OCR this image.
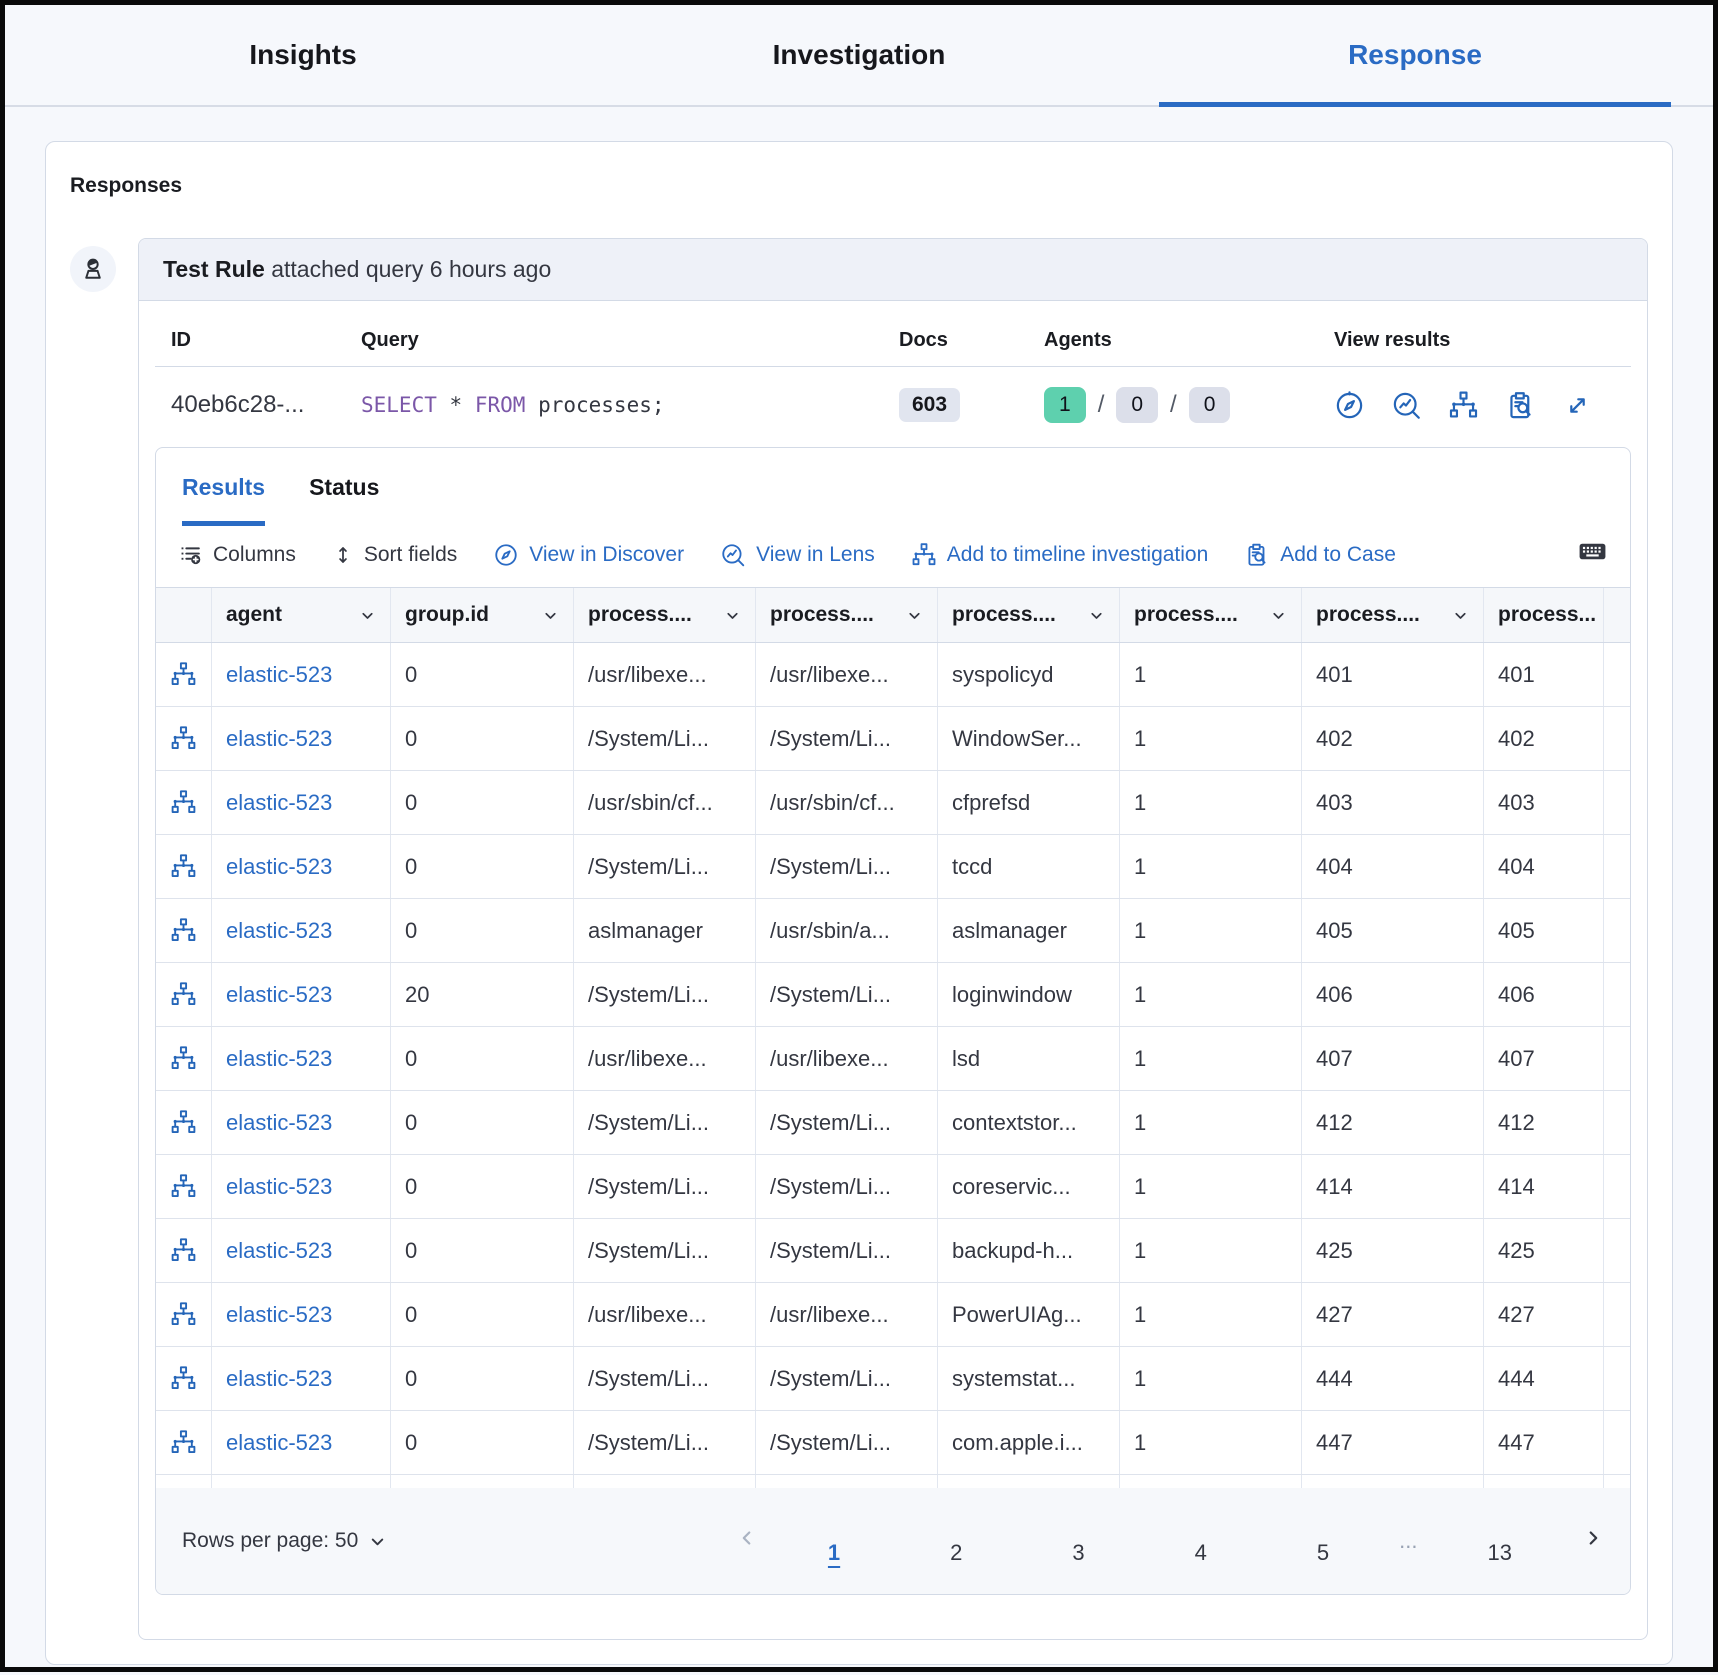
Insights	Investigation	Response
Responses
Test Rule attached query 6 hours ago
ID	Query	Docs	Agents	View results
40eb6c28-...	SELECT * FROM processes;	603	1	/	0	/	0
Results Status
Columns	Sort fields	View in Discover	View in Lens	Add to timeline investigation	Add to Case
agent	group.id	process....	process....	process....	process....	process....	process...
elastic-523	0	/usr/libexe...	/usr/libexe...	syspolicyd	1	401	401
elastic-523	0	/System/Li...	/System/Li...	WindowSer...	1	402	402
elastic-523	0	/usr/sbin/cf...	/usr/sbin/cf...	cfprefsd	1	403	403
elastic-523	0	/System/Li...	/System/Li...	tccd	1	404	404
elastic-523	0	aslmanager	/usr/sbin/a...	aslmanager	1	405	405
elastic-523	20	/System/Li...	/System/Li...	loginwindow	1	406	406
elastic-523	0	/usr/libexe...	/usr/libexe...	lsd	1	407	407
elastic-523	0	/System/Li...	/System/Li...	contextstor...	1	412	412
elastic-523	0	/System/Li...	/System/Li...	coreservic...	1	414	414
elastic-523	0	/System/Li...	/System/Li...	backupd-h...	1	425	425
elastic-523	0	/usr/libexe...	/usr/libexe...	PowerUIAg...	1	427	427
elastic-523	0	/System/Li...	/System/Li...	systemstat...	1	444	444
elastic-523	0	/System/Li...	/System/Li...	com.apple.i...	1	447	447
Rows per page: 50	1	2	3	4	5	...	13
